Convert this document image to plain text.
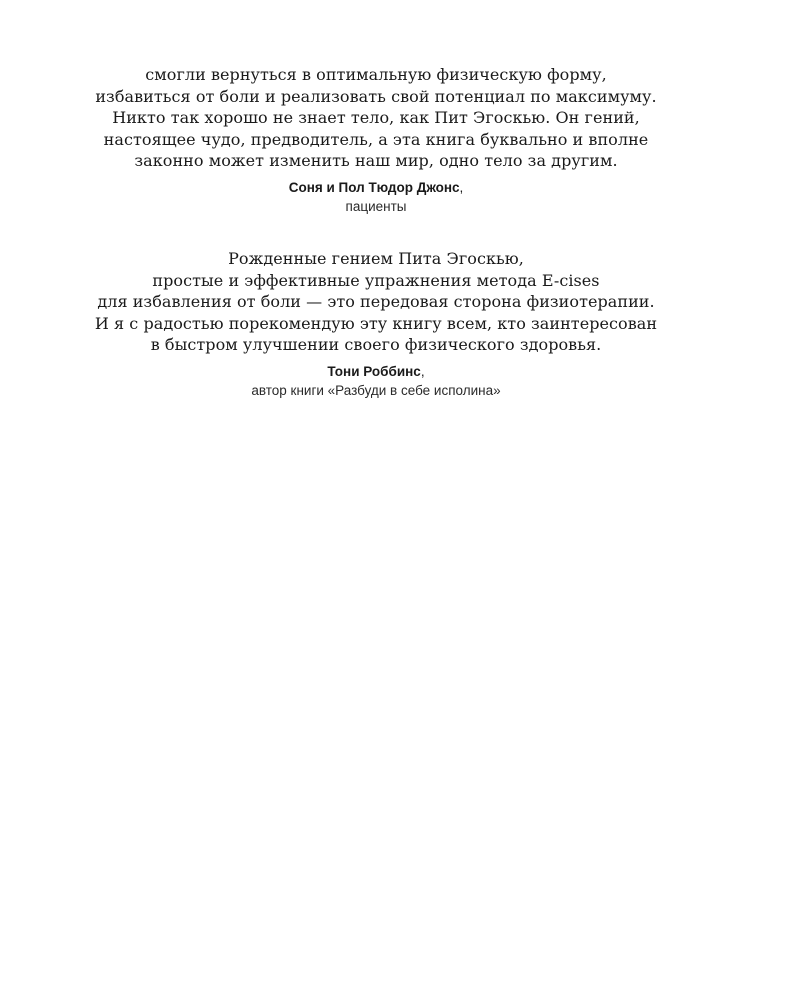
смогли вернуться в оптимальную физическую форму,
избавиться от боли и реализовать свой потенциал по максимуму.
Никто так хорошо не знает тело, как Пит Эгоскью. Он гений,
настоящее чудо, предводитель, а эта книга буквально и вполне
законно может изменить наш мир, одно тело за другим.

Соня и Пол Тюдор Джонс,
пациенты

Рожденные гением Пита Эгоскью,
простые и эффективные упражнения метода E-cises
для избавления от боли — это передовая сторона физиотерапии.
И я с радостью порекомендую эту книгу всем, кто заинтересован
в быстром улучшении своего физического здоровья.

Тони Роббинс,
автор книги «Разбуди в себе исполина»
